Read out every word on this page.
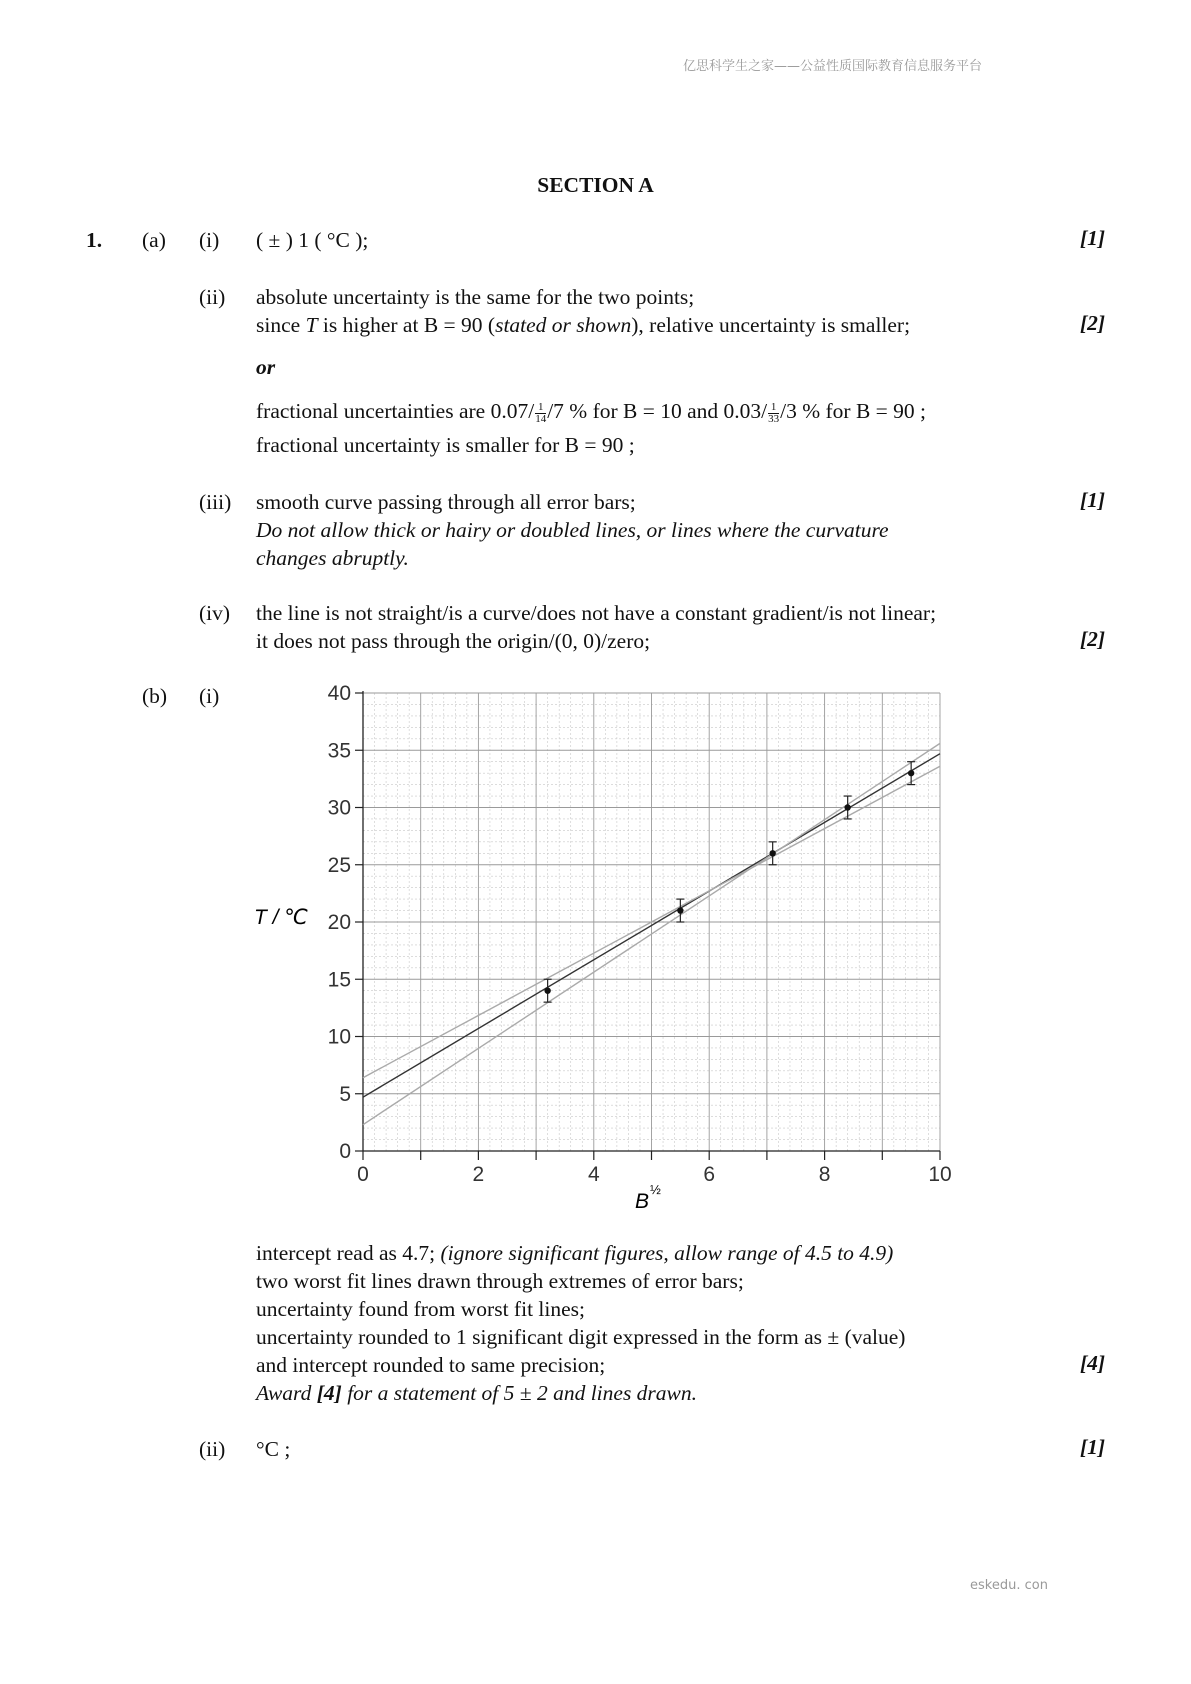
亿思科学生之家——公益性质国际教育信息服务平台
eskedu. con
SECTION A
1. (a) (i) ( ± ) 1 ( °C );	[1]
(ii) absolute uncertainty is the same for the two points;
since T is higher at B = 90 (stated or shown), relative uncertainty is smaller;	[2]
or
fractional uncertainties are $0.07/ \frac{1}{14} /7$ % for B = 10 and $0.03/ \frac{1}{33} /3$ % for B = 90 ;
fractional uncertainty is smaller for B = 90 ;
(iii) smooth curve passing through all error bars;	[1]
Do not allow thick or hairy or doubled lines, or lines where the curvature
changes abruptly.
(iv) the line is not straight/is a curve/does not have a constant gradient/is not linear;
it does not pass through the origin/(0, 0)/zero;	[2]
(b) (i)
0	2	4	6	8	10
0
5
10
15
20
25
30
35
40
T / ℃
B
½
intercept read as 4.7; (ignore significant figures, allow range of 4.5 to 4.9)
two worst fit lines drawn through extremes of error bars;
uncertainty found from worst fit lines;
uncertainty rounded to 1 significant digit expressed in the form as ± (value)
and intercept rounded to same precision;	[4]
Award [4] for a statement of 5 ± 2 and lines drawn.
(ii) °C ;	[1]
